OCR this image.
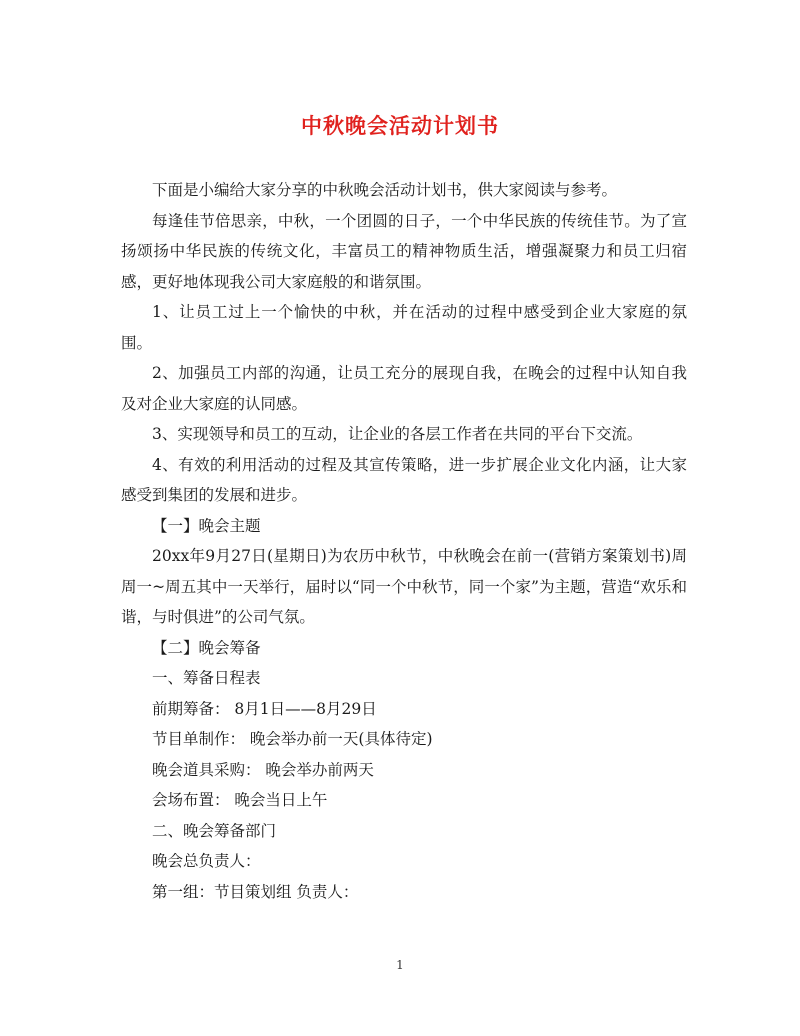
中秋晚会活动计划书

下面是小编给大家分享的中秋晚会活动计划书，供大家阅读与参考。

每逢佳节倍思亲，中秋，一个团圆的日子，一个中华民族的传统佳节。为了宣扬颂扬中华民族的传统文化，丰富员工的精神物质生活，增强凝聚力和员工归宿感，更好地体现我公司大家庭般的和谐氛围。

1、让员工过上一个愉快的中秋，并在活动的过程中感受到企业大家庭的氛围。

2、加强员工内部的沟通，让员工充分的展现自我，在晚会的过程中认知自我及对企业大家庭的认同感。

3、实现领导和员工的互动，让企业的各层工作者在共同的平台下交流。

4、有效的利用活动的过程及其宣传策略，进一步扩展企业文化内涵，让大家感受到集团的发展和进步。

【一】晚会主题

20xx年9月27日(星期日)为农历中秋节，中秋晚会在前一(营销方案策划书)周周一~周五其中一天举行，届时以“同一个中秋节，同一个家”为主题，营造“欢乐和谐，与时俱进”的公司气氛。

【二】晚会筹备

一、筹备日程表

前期筹备： 8月1日——8月29日

节目单制作： 晚会举办前一天(具体待定)

晚会道具采购： 晚会举办前两天

会场布置： 晚会当日上午

二、晚会筹备部门

晚会总负责人：

第一组：节目策划组 负责人：

1
